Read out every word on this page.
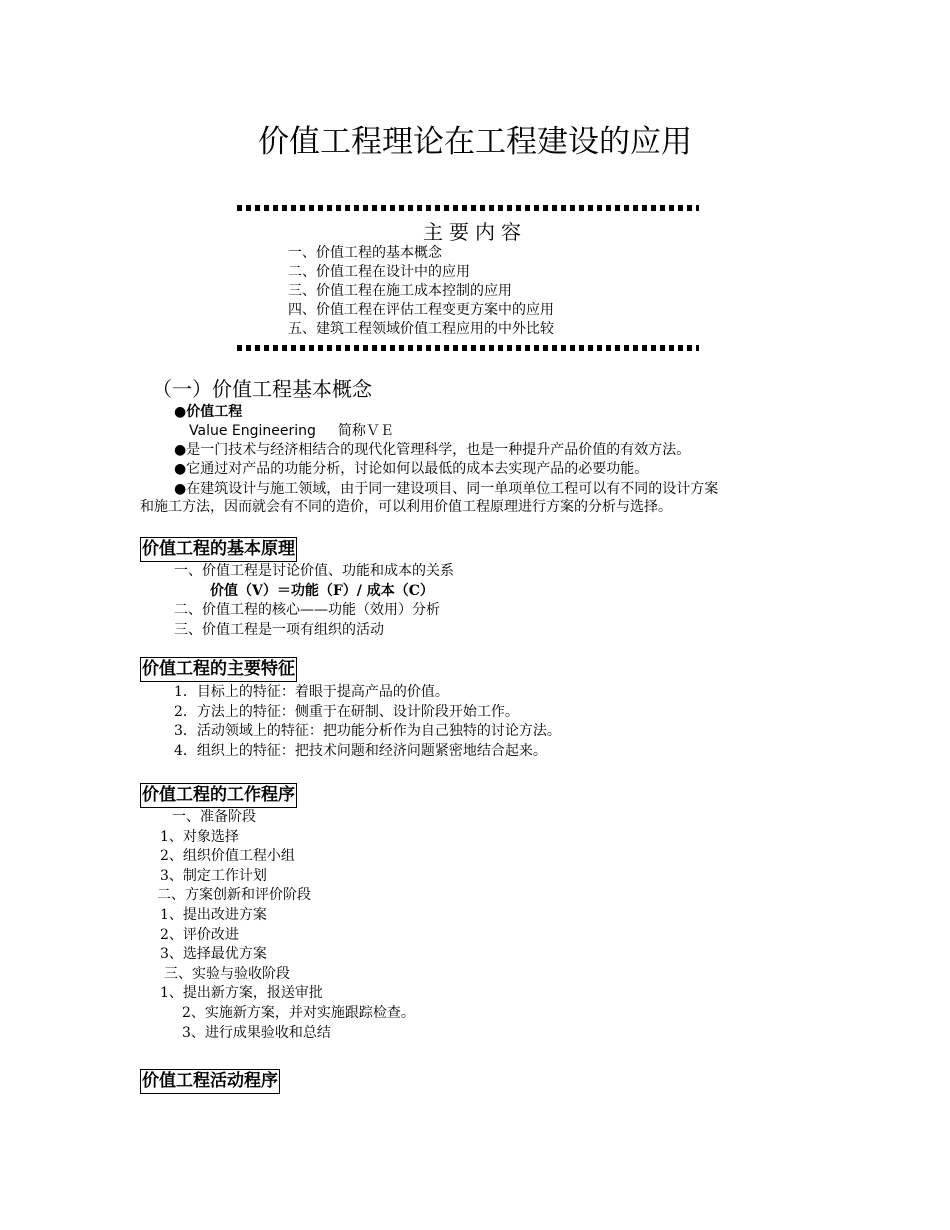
价值工程理论在工程建设的应用
主要内容
一、价值工程的基本概念
二、价值工程在设计中的应用
三、价值工程在施工成本控制的应用
四、价值工程在评估工程变更方案中的应用
五、建筑工程领域价值工程应用的中外比较
（一）价值工程基本概念
●价值工程
Value Engineering 简称ＶＥ
●是一门技术与经济相结合的现代化管理科学，也是一种提升产品价值的有效方法。
●它通过对产品的功能分析，讨论如何以最低的成本去实现产品的必要功能。
●在建筑设计与施工领域，由于同一建设项目、同一单项单位工程可以有不同的设计方案
和施工方法，因而就会有不同的造价，可以利用价值工程原理进行方案的分析与选择。
价值工程的基本原理
一、价值工程是讨论价值、功能和成本的关系
价值（V）＝功能（F）/ 成本（C）
二、价值工程的核心——功能（效用）分析
三、价值工程是一项有组织的活动
价值工程的主要特征
1．目标上的特征：着眼于提高产品的价值。
2．方法上的特征：侧重于在研制、设计阶段开始工作。
3．活动领域上的特征：把功能分析作为自己独特的讨论方法。
4．组织上的特征：把技术问题和经济问题紧密地结合起来。
价值工程的工作程序
一、准备阶段
1、对象选择
2、组织价值工程小组
3、制定工作计划
二、方案创新和评价阶段
1、提出改进方案
2、评价改进
3、选择最优方案
三、实验与验收阶段
1、提出新方案，报送审批
2、实施新方案，并对实施跟踪检查。
3、进行成果验收和总结
价值工程活动程序
